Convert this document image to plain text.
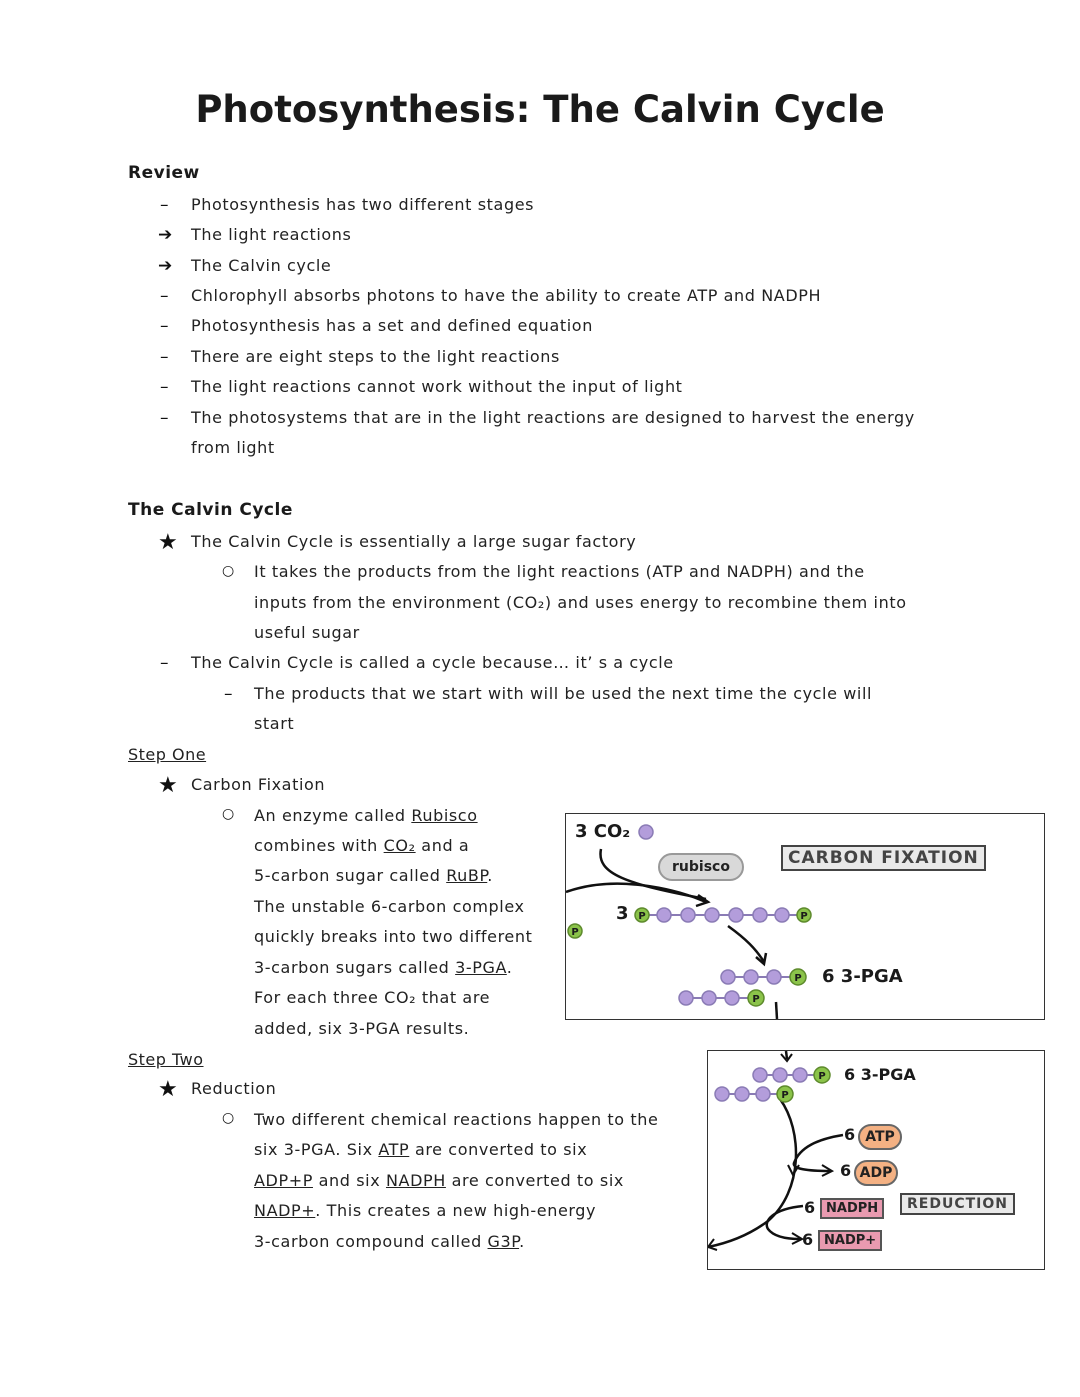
Photosynthesis: The Calvin Cycle
Review
– Photosynthesis has two different stages
➔ The light reactions
➔ The Calvin cycle
– Chlorophyll absorbs photons to have the ability to create ATP and NADPH
– Photosynthesis has a set and defined equation
– There are eight steps to the light reactions
– The light reactions cannot work without the input of light
– The photosystems that are in the light reactions are designed to harvest the energy
from light
The Calvin Cycle
★ The Calvin Cycle is essentially a large sugar factory
○ It takes the products from the light reactions (ATP and NADPH) and the
inputs from the environment (CO₂) and uses energy to recombine them into
useful sugar
– The Calvin Cycle is called a cycle because… it’ s a cycle
– The products that we start with will be used the next time the cycle will
start
Step One
★ Carbon Fixation
○ An enzyme called Rubisco
combines with CO₂ and a
5-carbon sugar called RuBP.
The unstable 6-carbon complex
quickly breaks into two different
3-carbon sugars called 3-PGA.
For each three CO₂ that are
added, six 3-PGA results.
P	P
P
P
P
3 CO₂
rubisco	CARBON FIXATION
3
6 3-PGA
Step Two
★ Reduction
○ Two different chemical reactions happen to the
six 3-PGA. Six ATP are converted to six
ADP+P and six NADPH are converted to six
NADP+. This creates a new high-energy
3-carbon compound called G3P.
P
P
6 3-PGA
6 ATP
6 ADP
6 NADPH
6 NADP+
REDUCTION
